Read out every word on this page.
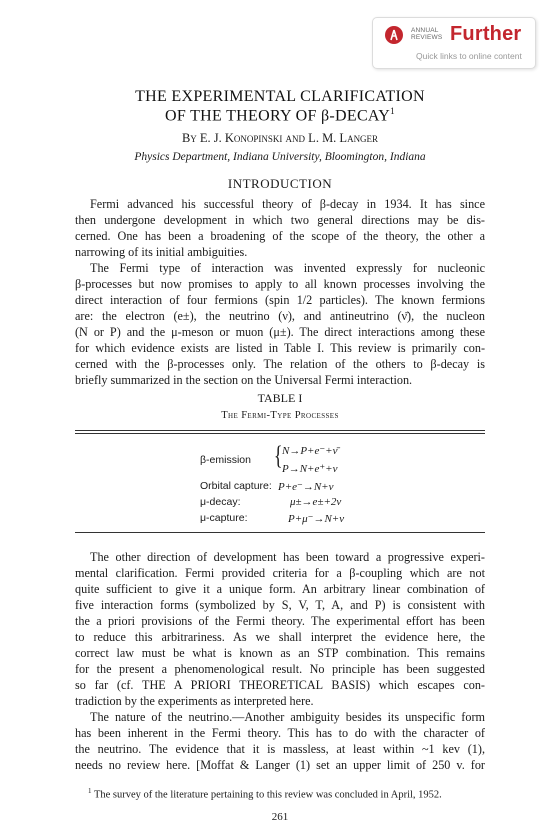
ANNUAL
REVIEWS Further
Quick links to online content
THE EXPERIMENTAL CLARIFICATION
OF THE THEORY OF β-DECAY$^1$
By E. J. Konopinski and L. M. Langer
Physics Department, Indiana University, Bloomington, Indiana
INTRODUCTION
Fermi advanced his successful theory of β-decay in 1934. It has since
then undergone development in which two general directions may be dis-
cerned. One has been a broadening of the scope of the theory, the other a
narrowing of its initial ambiguities.
The Fermi type of interaction was invented expressly for nucleonic
β-processes but now promises to apply to all known processes involving the
direct interaction of four fermions (spin 1/2 particles). The known fermions
are: the electron (e±), the neutrino (ν), and antineutrino (ν̄), the nucleon
(N or P) and the μ-meson or muon (μ±). The direct interactions among these
for which evidence exists are listed in Table I. This review is primarily con-
cerned with the β-processes only. The relation of the others to β-decay is
briefly summarized in the section on the Universal Fermi interaction.
TABLE I
The Fermi-Type Processes
β-emission { N→P+e⁻+ν̄
P→N+e⁺+ν
Orbital capture: P+e⁻→N+ν
μ-decay:	μ±→e±+2ν
μ-capture:	P+μ⁻→N+ν
The other direction of development has been toward a progressive experi-
mental clarification. Fermi provided criteria for a β-coupling which are not
quite sufficient to give it a unique form. An arbitrary linear combination of
five interaction forms (symbolized by S, V, T, A, and P) is consistent with
the a priori provisions of the Fermi theory. The experimental effort has been
to reduce this arbitrariness. As we shall interpret the evidence here, the
correct law must be what is known as an STP combination. This remains
for the present a phenomenological result. No principle has been suggested
so far (cf. THE A PRIORI THEORETICAL BASIS) which escapes con-
tradiction by the experiments as interpreted here.
The nature of the neutrino.—Another ambiguity besides its unspecific form
has been inherent in the Fermi theory. This has to do with the character of
the neutrino. The evidence that it is massless, at least within ~1 kev (1),
needs no review here. [Moffat & Langer (1) set an upper limit of 250 v. for
$^1$ The survey of the literature pertaining to this review was concluded in April, 1952.
261
